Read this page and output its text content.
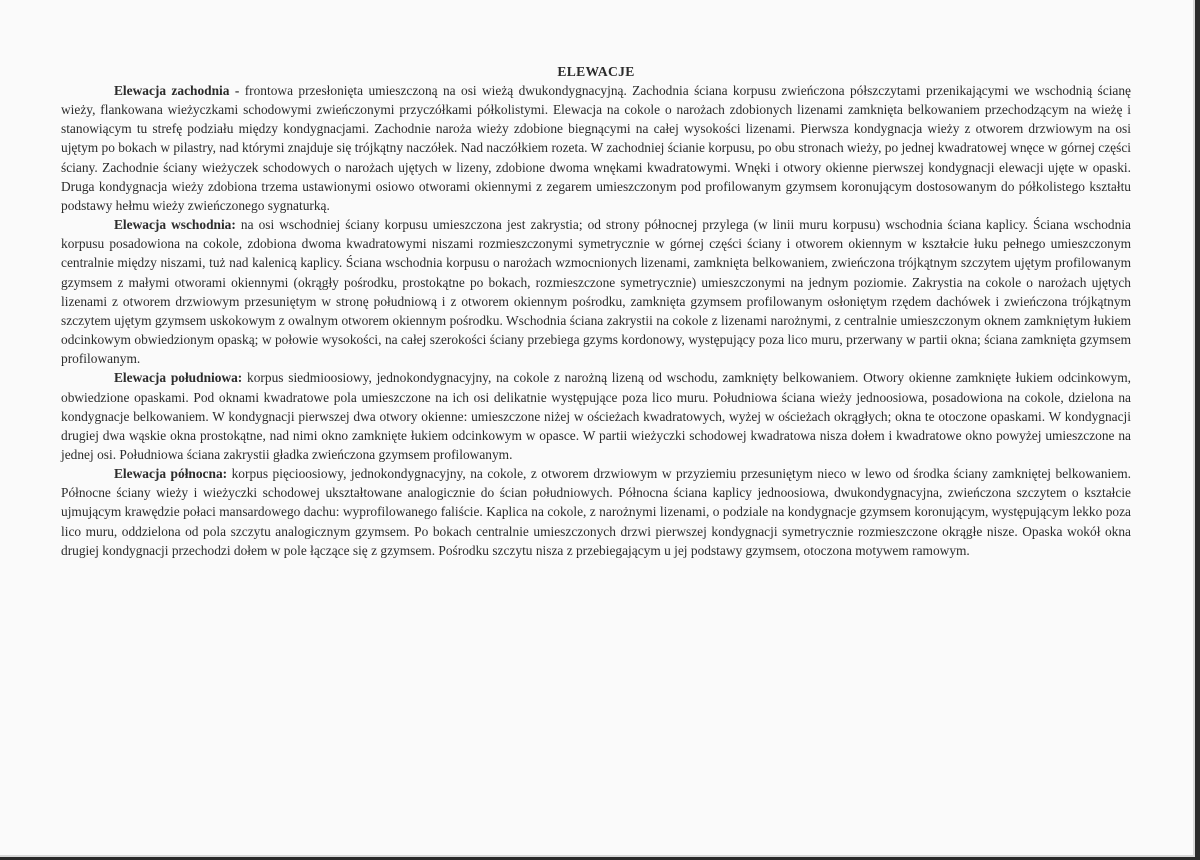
ELEWACJE

Elewacja zachodnia - frontowa przesłonięta umieszczoną na osi wieżą dwukondygnacyjną. Zachodnia ściana korpusu zwieńczona półszczytami przenikającymi we wschodnią ścianę wieży, flankowana wieżyczkami schodowymi zwieńczonymi przyczółkami półkolistymi. Elewacja na cokole o narożach zdobionych lizenami zamknięta belkowaniem przechodzącym na wieżę i stanowiącym tu strefę podziału między kondygnacjami. Zachodnie naroża wieży zdobione biegnącymi na całej wysokości lizenami. Pierwsza kondygnacja wieży z otworem drzwiowym na osi ujętym po bokach w pilastry, nad którymi znajduje się trójkątny naczółek. Nad naczółkiem rozeta. W zachodniej ścianie korpusu, po obu stronach wieży, po jednej kwadratowej wnęce w górnej części ściany. Zachodnie ściany wieżyczek schodowych o narożach ujętych w lizeny, zdobione dwoma wnękami kwadratowymi. Wnęki i otwory okienne pierwszej kondygnacji elewacji ujęte w opaski. Druga kondygnacja wieży zdobiona trzema ustawionymi osiowo otworami okiennymi z zegarem umieszczonym pod profilowanym gzymsem koronującym dostosowanym do półkolistego kształtu podstawy hełmu wieży zwieńczonego sygnaturką.

Elewacja wschodnia: na osi wschodniej ściany korpusu umieszczona jest zakrystia; od strony północnej przylega (w linii muru korpusu) wschodnia ściana kaplicy. Ściana wschodnia korpusu posadowiona na cokole, zdobiona dwoma kwadratowymi niszami rozmieszczonymi symetrycznie w górnej części ściany i otworem okiennym w kształcie łuku pełnego umieszczonym centralnie między niszami, tuż nad kalenicą kaplicy. Ściana wschodnia korpusu o narożach wzmocnionych lizenami, zamknięta belkowaniem, zwieńczona trójkątnym szczytem ujętym profilowanym gzymsem z małymi otworami okiennymi (okrągły pośrodku, prostokątne po bokach, rozmieszczone symetrycznie) umieszczonymi na jednym poziomie. Zakrystia na cokole o narożach ujętych lizenami z otworem drzwiowym przesuniętym w stronę południową i z otworem okiennym pośrodku, zamknięta gzymsem profilowanym osłoniętym rzędem dachówek i zwieńczona trójkątnym szczytem ujętym gzymsem uskokowym z owalnym otworem okiennym pośrodku. Wschodnia ściana zakrystii na cokole z lizenami narożnymi, z centralnie umieszczonym oknem zamkniętym łukiem odcinkowym obwiedzionym opaską; w połowie wysokości, na całej szerokości ściany przebiega gzyms kordonowy, występujący poza lico muru, przerwany w partii okna; ściana zamknięta gzymsem profilowanym.

Elewacja południowa: korpus siedmioosiowy, jednokondygnacyjny, na cokole z narożną lizeną od wschodu, zamknięty belkowaniem. Otwory okienne zamknięte łukiem odcinkowym, obwiedzione opaskami. Pod oknami kwadratowe pola umieszczone na ich osi delikatnie występujące poza lico muru. Południowa ściana wieży jednoosiowa, posadowiona na cokole, dzielona na kondygnacje belkowaniem. W kondygnacji pierwszej dwa otwory okienne: umieszczone niżej w ościeżach kwadratowych, wyżej w ościeżach okrągłych; okna te otoczone opaskami. W kondygnacji drugiej dwa wąskie okna prostokątne, nad nimi okno zamknięte łukiem odcinkowym w opasce. W partii wieżyczki schodowej kwadratowa nisza dołem i kwadratowe okno powyżej umieszczone na jednej osi. Południowa ściana zakrystii gładka zwieńczona gzymsem profilowanym.

Elewacja północna: korpus pięcioosiowy, jednokondygnacyjny, na cokole, z otworem drzwiowym w przyziemiu przesuniętym nieco w lewo od środka ściany zamkniętej belkowaniem. Północne ściany wieży i wieżyczki schodowej ukształtowane analogicznie do ścian południowych. Północna ściana kaplicy jednoosiowa, dwukondygnacyjna, zwieńczona szczytem o kształcie ujmującym krawędzie połaci mansardowego dachu: wyprofilowanego faliście. Kaplica na cokole, z narożnymi lizenami, o podziale na kondygnacje gzymsem koronującym, występującym lekko poza lico muru, oddzielona od pola szczytu analogicznym gzymsem. Po bokach centralnie umieszczonych drzwi pierwszej kondygnacji symetrycznie rozmieszczone okrągłe nisze. Opaska wokół okna drugiej kondygnacji przechodzi dołem w pole łączące się z gzymsem. Pośrodku szczytu nisza z przebiegającym u jej podstawy gzymsem, otoczona motywem ramowym.
